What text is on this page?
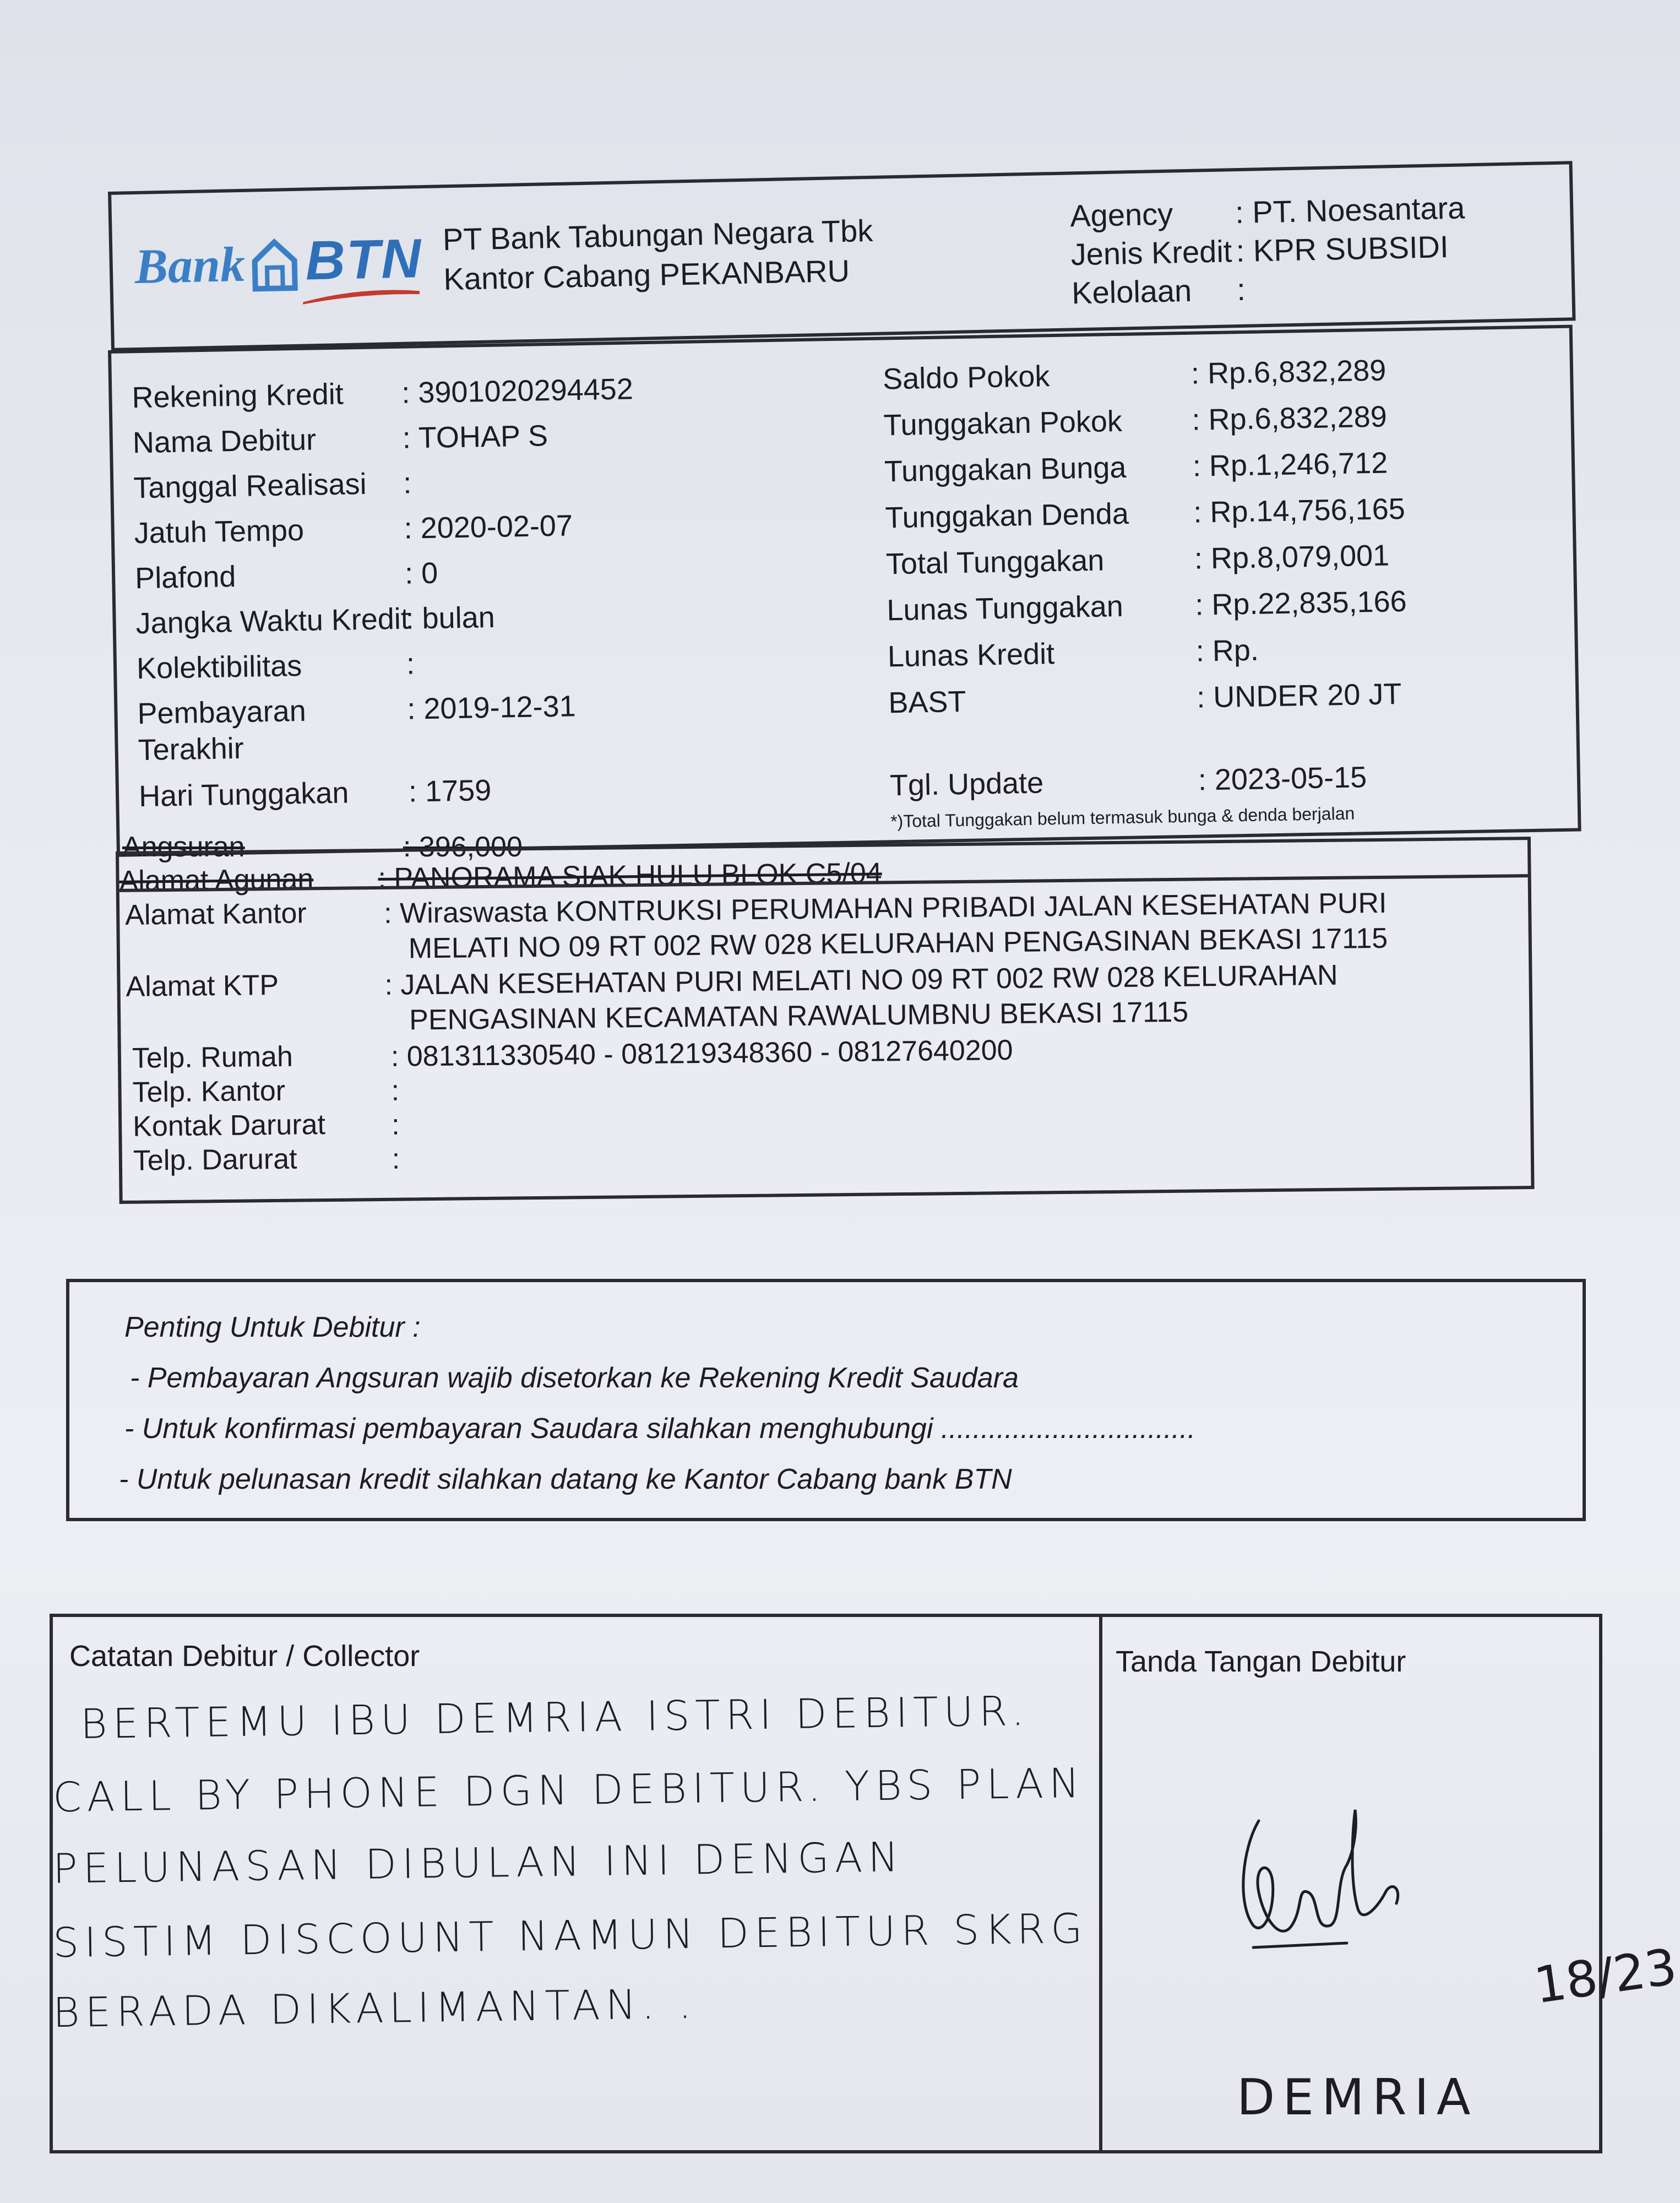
Bank BTN PT Bank Tabungan Negara Tbk
Kantor Cabang PEKANBARU
Agency : PT. Noesantara
Jenis Kredit : KPR SUBSIDI
Kelolaan :
Rekening Kredit : 3901020294452
Nama Debitur	: TOHAP S
Tanggal Realisasi :
Jatuh Tempo	: 2020-02-07
Plafond	: 0
Jangka Waktu Kredit: bulan
Kolektibilitas	:
Pembayaran	: 2019-12-31
Terakhir
Hari Tunggakan : 1759
Saldo Pokok	: Rp.6,832,289
Tunggakan Pokok : Rp.6,832,289
Tunggakan Bunga : Rp.1,246,712
Tunggakan Denda : Rp.14,756,165
Total Tunggakan	: Rp.8,079,001
Lunas Tunggakan : Rp.22,835,166
Lunas Kredit	: Rp.
BAST	: UNDER 20 JT
Tgl. Update	: 2023-05-15
*)Total Tunggakan belum termasuk bunga & denda berjalan
Angsuran	: 396,000
Alamat Agunan : PANORAMA SIAK HULU BLOK C5/04
Alamat Kantor	: Wiraswasta KONTRUKSI PERUMAHAN PRIBADI JALAN KESEHATAN PURI
MELATI NO 09 RT 002 RW 028 KELURAHAN PENGASINAN BEKASI 17115
Alamat KTP	: JALAN KESEHATAN PURI MELATI NO 09 RT 002 RW 028 KELURAHAN
PENGASINAN KECAMATAN RAWALUMBNU BEKASI 17115
Telp. Rumah	: 081311330540 - 081219348360 - 08127640200
Telp. Kantor	:
Kontak Darurat :
Telp. Darurat	:
Penting Untuk Debitur :
- Pembayaran Angsuran wajib disetorkan ke Rekening Kredit Saudara
- Untuk konfirmasi pembayaran Saudara silahkan menghubungi ................................
- Untuk pelunasan kredit silahkan datang ke Kantor Cabang bank BTN
Catatan Debitur / Collector	Tanda Tangan Debitur
BERTEMU IBU DEMRIA ISTRI DEBITUR.
CALL BY PHONE DGN DEBITUR. YBS PLAN
PELUNASAN DIBULAN INI DENGAN
SISTIM DISCOUNT NAMUN DEBITUR SKRG
BERADA DIKALIMANTAN. .	18/23
DEMRIA
